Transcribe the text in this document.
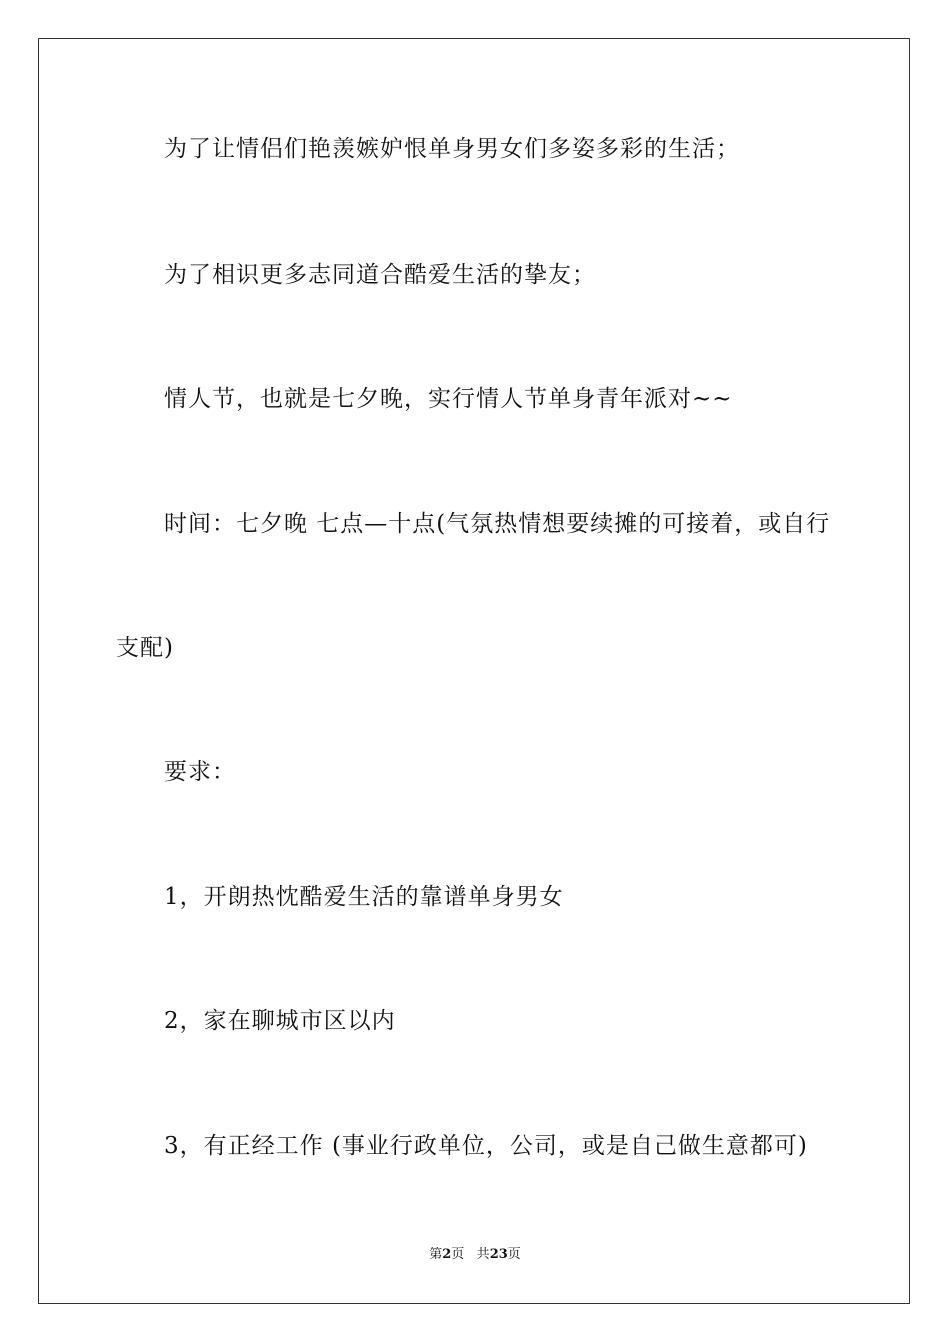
为了让情侣们艳羡嫉妒恨单身男女们多姿多彩的生活；
为了相识更多志同道合酷爱生活的挚友；
情人节，也就是七夕晚，实行情人节单身青年派对~~
时间：七夕晚 七点—十点(气氛热情想要续摊的可接着，或自行
支配)
要求：
1，开朗热忱酷爱生活的靠谱单身男女
2，家在聊城市区以内
3，有正经工作 (事业行政单位，公司，或是自己做生意都可)
第2页 共23页
